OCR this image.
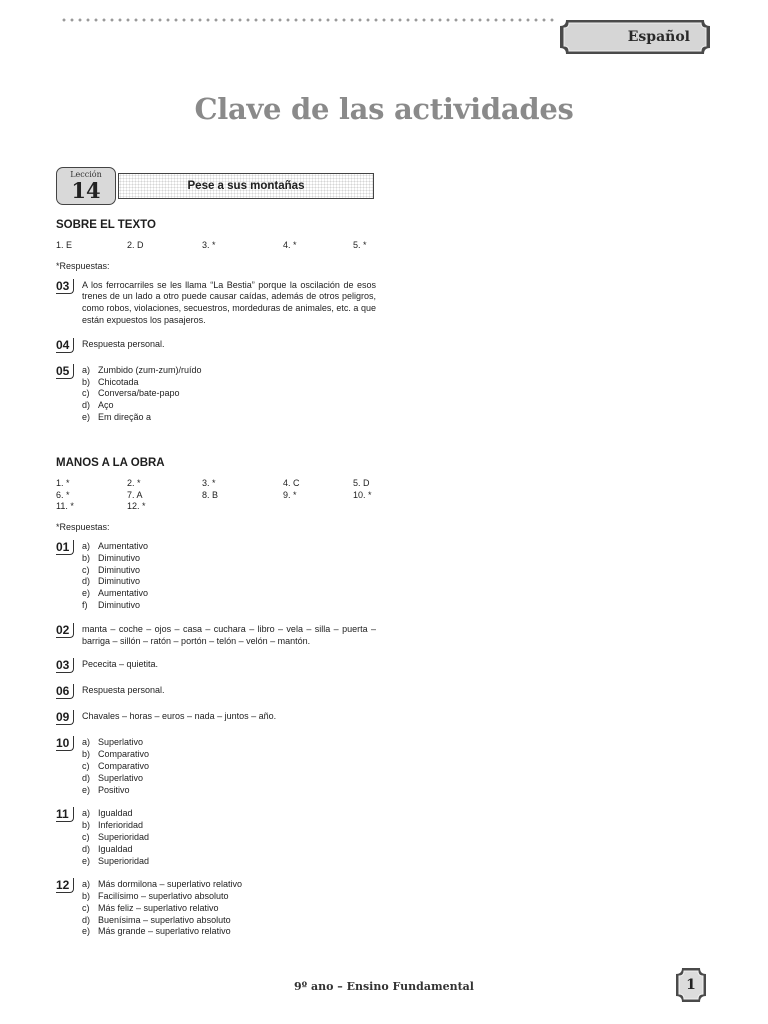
Español
Clave de las actividades
Lección
14	Pese a sus montañas
SOBRE EL TEXTO
1. E	2. D	3. *	4. *	5. *
*Respuestas:
03	A los ferrocarriles se les llama “La Bestia” porque la oscilación de esos trenes de un lado a otro puede causar caídas, además de otros peligros, como robos, violaciones, secuestros, mordeduras de animales, etc. a que están expuestos los pasajeros.
04	Respuesta personal.
05	a) Zumbido (zum-zum)/ruído
b) Chicotada
c) Conversa/bate-papo
d) Aço
e) Em direção a
MANOS A LA OBRA
1. *	2. *	3. *	4. C	5. D
6. *	7. A	8. B	9. *	10. *
11. *	12. *
*Respuestas:
01	a) Aumentativo
b) Diminutivo
c) Diminutivo
d) Diminutivo
e) Aumentativo
f)	Diminutivo
02	manta – coche – ojos – casa – cuchara – libro – vela – silla – puerta – barriga – sillón – ratón – portón – telón – velón – mantón.
03	Pececita – quietita.
06	Respuesta personal.
09	Chavales – horas – euros – nada – juntos – año.
10	a) Superlativo
b) Comparativo
c) Comparativo
d) Superlativo
e) Positivo
11	a) Igualdad
b) Inferioridad
c) Superioridad
d) Igualdad
e) Superioridad
12	a) Más dormilona – superlativo relativo
b) Facilísimo – superlativo absoluto
c) Más feliz – superlativo relativo
d) Buenísima – superlativo absoluto
e) Más grande – superlativo relativo
9º ano – Ensino Fundamental	1
